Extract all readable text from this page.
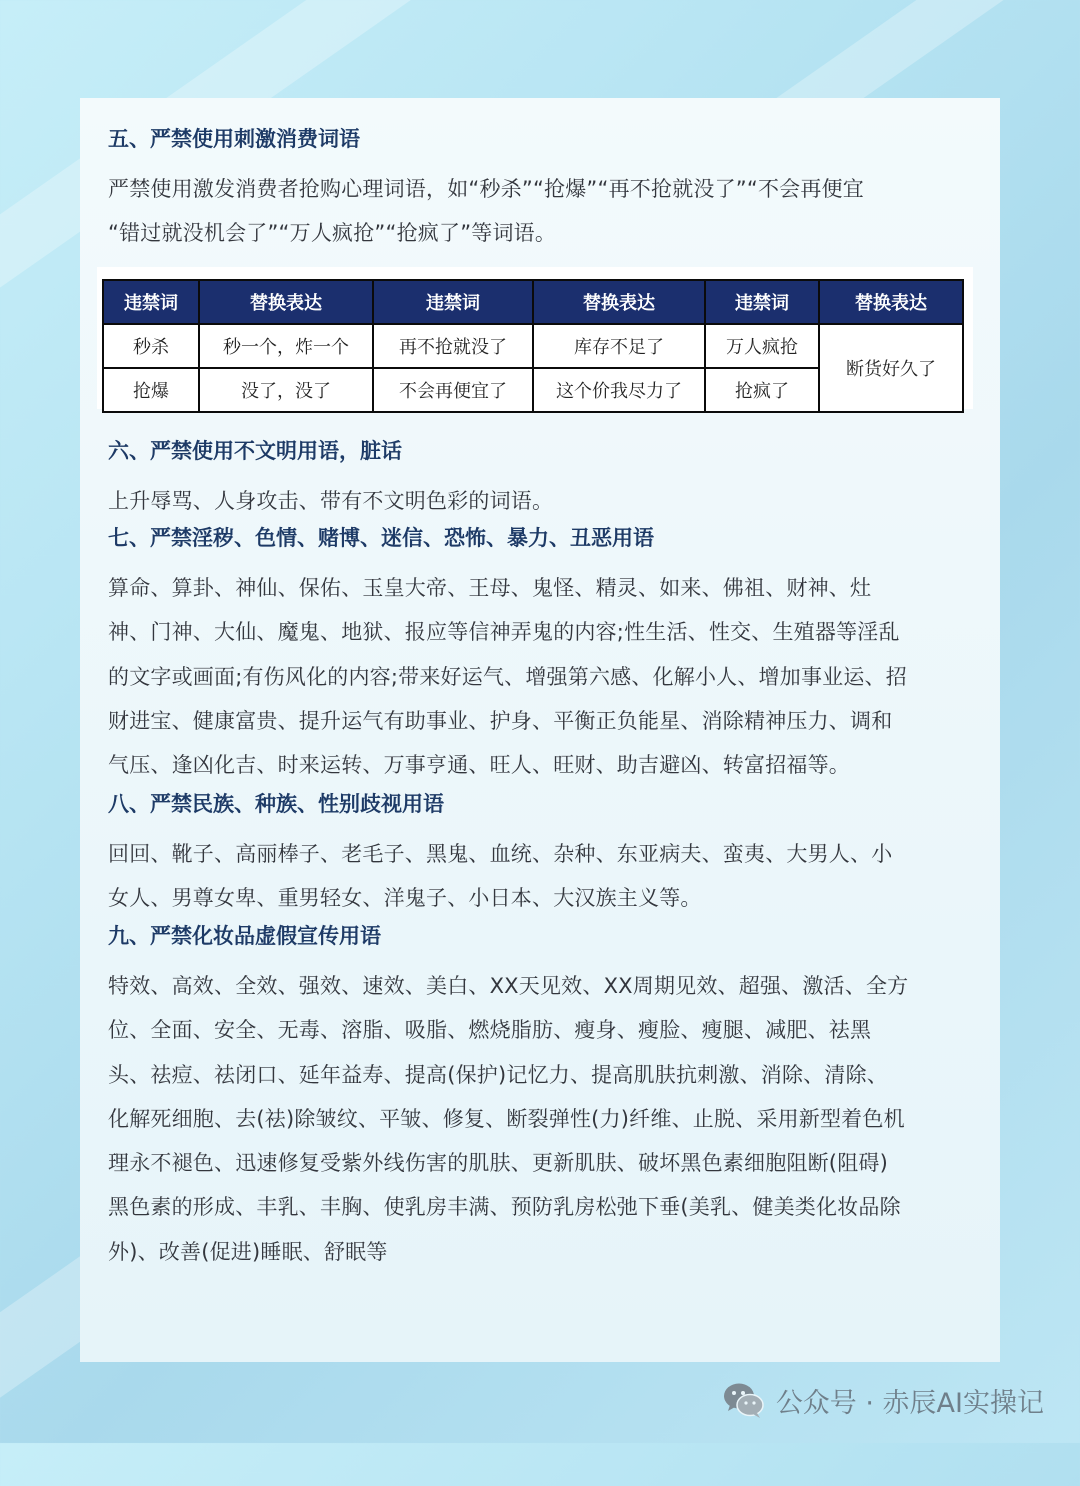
五、严禁使用刺激消费词语
严禁使用激发消费者抢购心理词语，如“秒杀”“抢爆”“再不抢就没了”“不会再便宜
“错过就没机会了”“万人疯抢”“抢疯了”等词语。
违禁词	替换表达	违禁词	替换表达	违禁词	替换表达
秒杀	秒一个，炸一个	再不抢就没了	库存不足了	万人疯抢	断货好久了
抢爆	没了，没了	不会再便宜了	这个价我尽力了	抢疯了	
六、严禁使用不文明用语，脏话
上升辱骂、人身攻击、带有不文明色彩的词语。
七、严禁淫秽、色情、赌博、迷信、恐怖、暴力、丑恶用语
算命、算卦、神仙、保佑、玉皇大帝、王母、鬼怪、精灵、如来、佛祖、财神、灶
神、门神、大仙、魔鬼、地狱、报应等信神弄鬼的内容;性生活、性交、生殖器等淫乱
的文字或画面;有伤风化的内容;带来好运气、增强第六感、化解小人、增加事业运、招
财进宝、健康富贵、提升运气有助事业、护身、平衡正负能星、消除精神压力、调和
气压、逢凶化吉、时来运转、万事亨通、旺人、旺财、助吉避凶、转富招福等。
八、严禁民族、种族、性别歧视用语
回回、靴子、高丽棒子、老毛子、黑鬼、血统、杂种、东亚病夫、蛮夷、大男人、小
女人、男尊女卑、重男轻女、洋鬼子、小日本、大汉族主义等。
九、严禁化妆品虚假宣传用语
特效、高效、全效、强效、速效、美白、XX天见效、XX周期见效、超强、激活、全方
位、全面、安全、无毒、溶脂、吸脂、燃烧脂肪、瘦身、瘦脸、瘦腿、减肥、祛黑
头、祛痘、祛闭口、延年益寿、提高(保护)记忆力、提高肌肤抗刺激、消除、清除、
化解死细胞、去(祛)除皱纹、平皱、修复、断裂弹性(力)纤维、止脱、采用新型着色机
理永不褪色、迅速修复受紫外线伤害的肌肤、更新肌肤、破坏黑色素细胞阻断(阻碍)
黑色素的形成、丰乳、丰胸、使乳房丰满、预防乳房松弛下垂(美乳、健美类化妆品除
外)、改善(促进)睡眠、舒眠等
公众号 · 赤辰AI实操记
